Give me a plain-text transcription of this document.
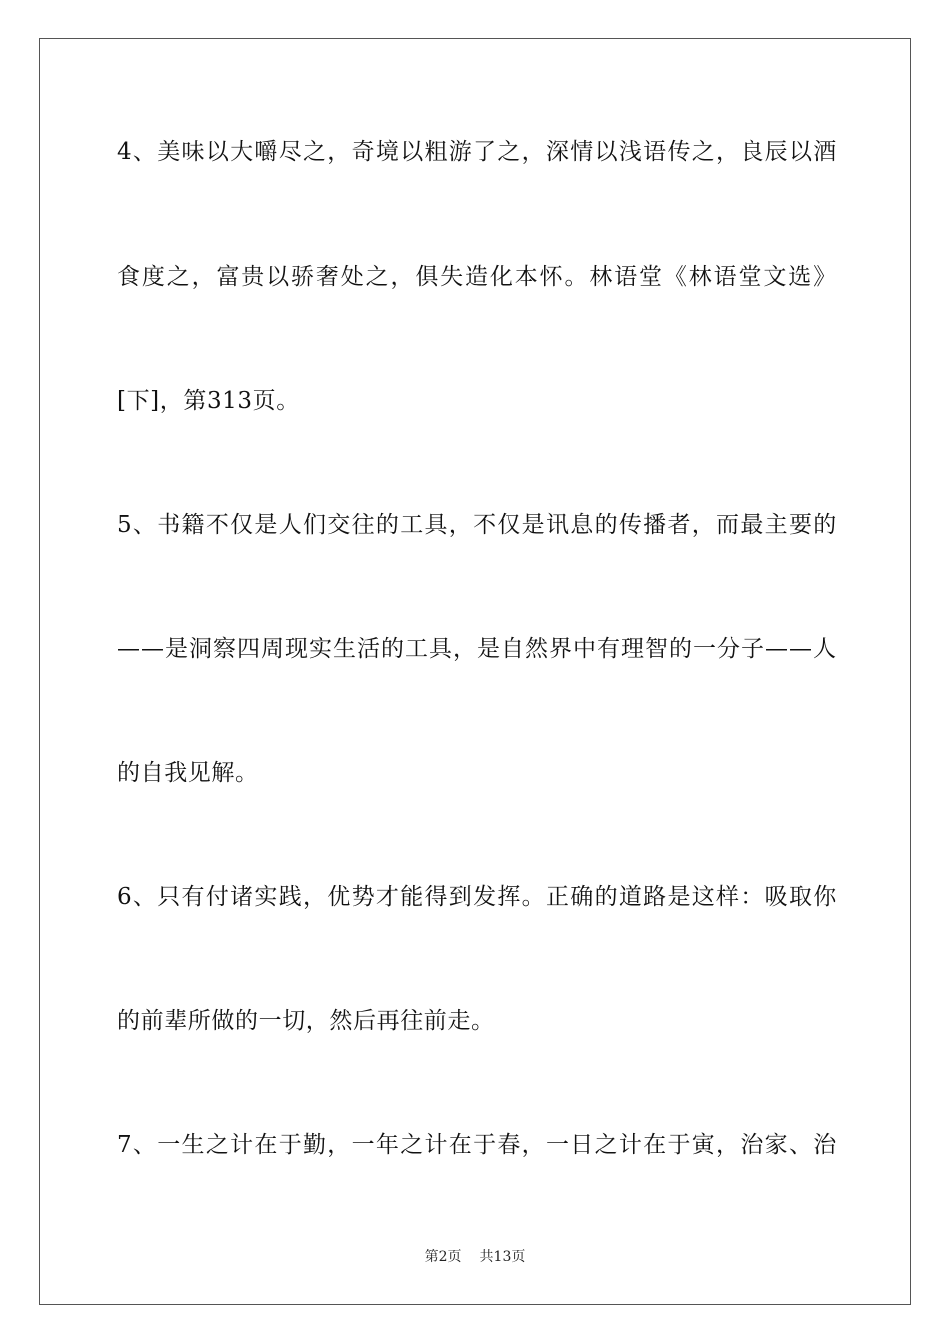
4 、 美 味 以 大 嚼 尽 之 ， 奇 境 以 粗 游 了 之 ， 深 情 以 浅 语 传 之 ， 良 辰 以 酒
食 度 之 ， 富 贵 以 骄 奢 处 之 ， 俱 失 造 化 本 怀 。 林 语 堂 《 林 语 堂 文 选 》
[下]，第313页。
5 、 书 籍 不 仅 是 人 们 交 往 的 工 具 ， 不 仅 是 讯 息 的 传 播 者 ， 而 最 主 要 的
— — 是 洞 察 四 周 现 实 生 活 的 工 具 ， 是 自 然 界 中 有 理 智 的 一 分 子 — — 人
的自我见解。
6 、 只 有 付 诸 实 践 ， 优 势 才 能 得 到 发 挥 。 正 确 的 道 路 是 这 样 ： 吸 取 你
的前辈所做的一切，然后再往前走。
7 、 一 生 之 计 在 于 勤 ， 一 年 之 计 在 于 春 ， 一 日 之 计 在 于 寅 ， 治 家 、 治
第2页 共13页
